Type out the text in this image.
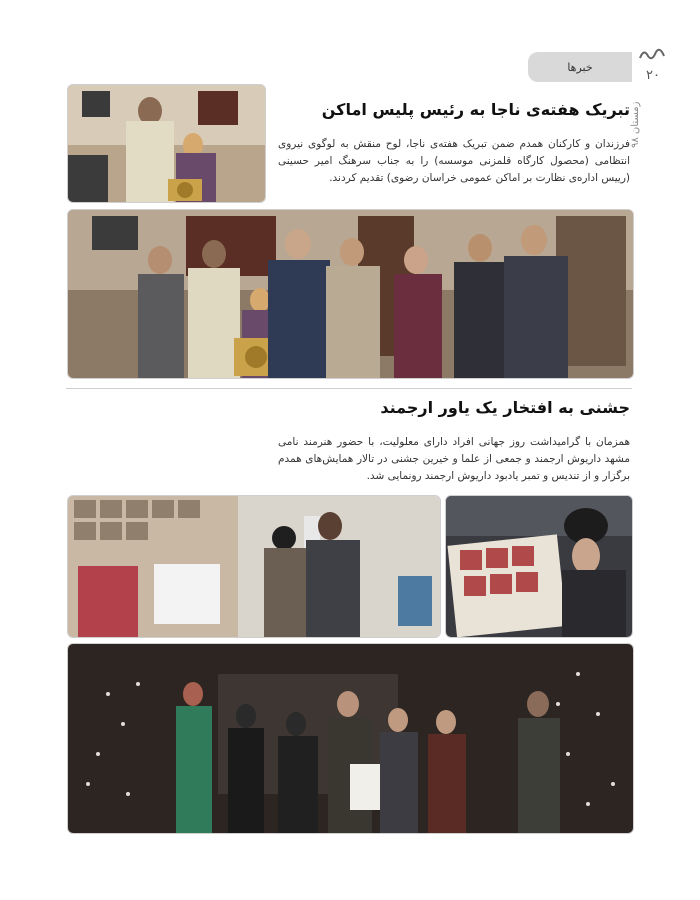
خبرها
۲۰
زمستان ۹۸
تبریک هفته‌ی ناجا به رئیس پلیس اماکن
فرزندان و کارکنان همدم ضمن تبریک هفته‌ی ناجا، لوح منقش به لوگوی نیروی انتظامی (محصول کارگاه قلمزنی موسسه) را به جناب سرهنگ امیر حسینی (رییس اداره‌ی نظارت بر اماکن عمومی خراسان رضوی) تقدیم کردند.
جشنی به افتخار یک یاور ارجمند
همزمان با گرامیداشت روز جهانی افراد دارای معلولیت، با حضور هنرمند نامی مشهد داریوش ارجمند و جمعی از علما و خیرین جشنی در تالار همایش‌های همدم برگزار و از تندیس و تمبر یادبود داریوش ارجمند رونمایی شد.
